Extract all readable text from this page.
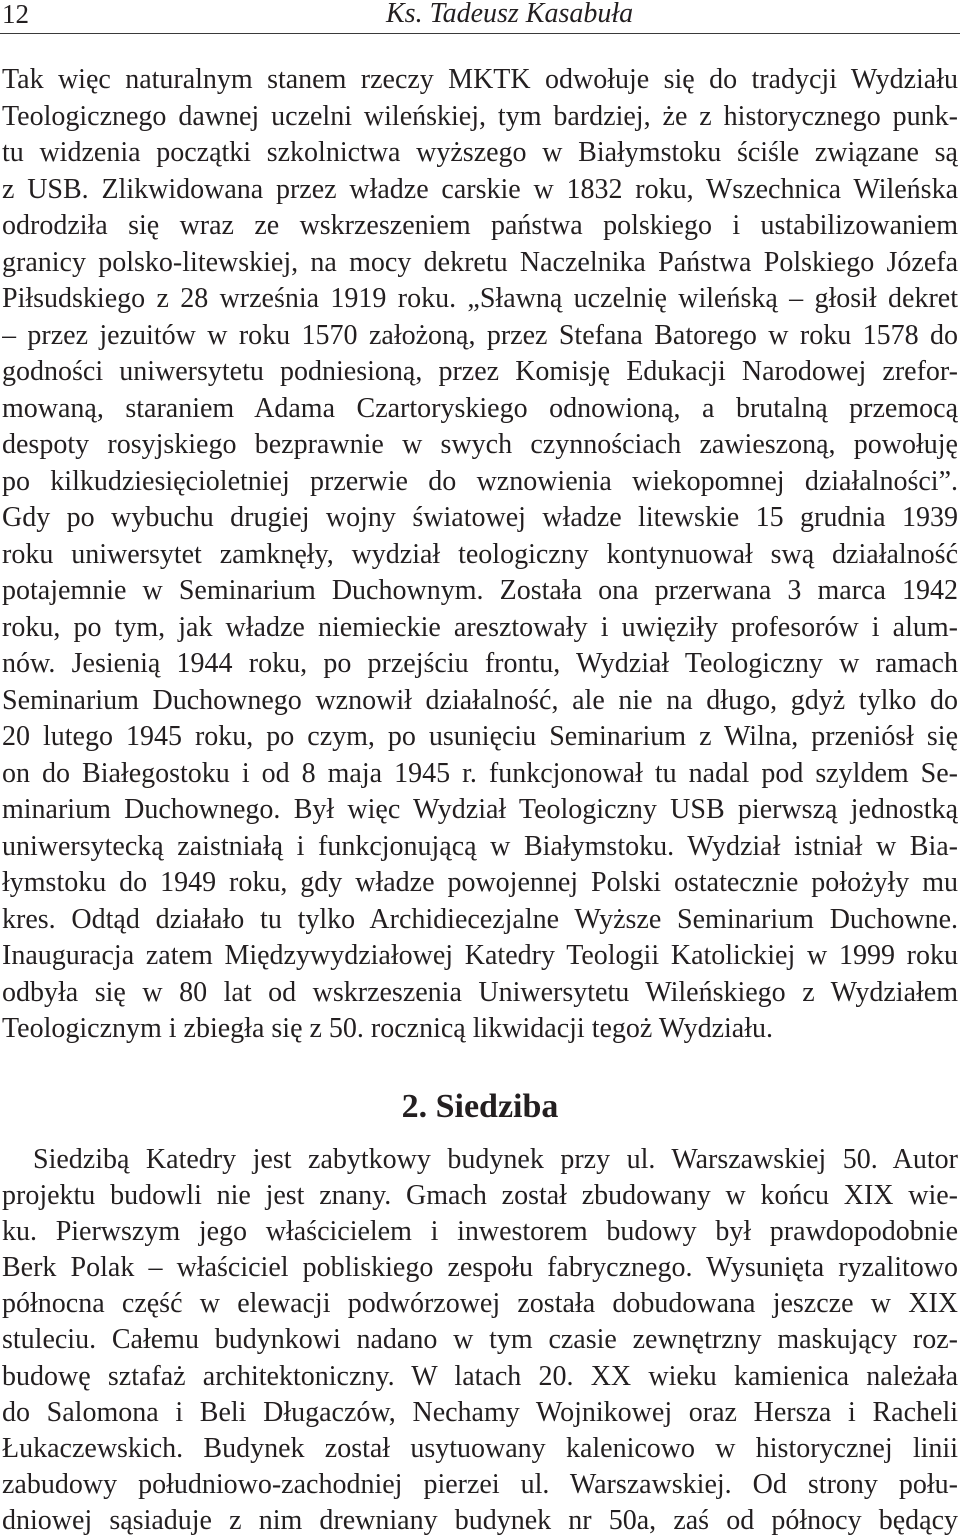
12	Ks. Tadeusz Kasabuła
Tak więc naturalnym stanem rzeczy MKTK odwołuje się do tradycji Wydziału
Teologicznego dawnej uczelni wileńskiej, tym bardziej, że z historycznego punk-
tu widzenia początki szkolnictwa wyższego w Białymstoku ściśle związane są
z USB. Zlikwidowana przez władze carskie w 1832 roku, Wszechnica Wileńska
odrodziła się wraz ze wskrzeszeniem państwa polskiego i ustabilizowaniem
granicy polsko-litewskiej, na mocy dekretu Naczelnika Państwa Polskiego Józefa
Piłsudskiego z 28 września 1919 roku. „Sławną uczelnię wileńską – głosił dekret
– przez jezuitów w roku 1570 założoną, przez Stefana Batorego w roku 1578 do
godności uniwersytetu podniesioną, przez Komisję Edukacji Narodowej zrefor-
mowaną, staraniem Adama Czartoryskiego odnowioną, a brutalną przemocą
despoty rosyjskiego bezprawnie w swych czynnościach zawieszoną, powołuję
po kilkudziesięcioletniej przerwie do wznowienia wiekopomnej działalności”.
Gdy po wybuchu drugiej wojny światowej władze litewskie 15 grudnia 1939
roku uniwersytet zamknęły, wydział teologiczny kontynuował swą działalność
potajemnie w Seminarium Duchownym. Została ona przerwana 3 marca 1942
roku, po tym, jak władze niemieckie aresztowały i uwięziły profesorów i alum-
nów. Jesienią 1944 roku, po przejściu frontu, Wydział Teologiczny w ramach
Seminarium Duchownego wznowił działalność, ale nie na długo, gdyż tylko do
20 lutego 1945 roku, po czym, po usunięciu Seminarium z Wilna, przeniósł się
on do Białegostoku i od 8 maja 1945 r. funkcjonował tu nadal pod szyldem Se-
minarium Duchownego. Był więc Wydział Teologiczny USB pierwszą jednostką
uniwersytecką zaistniałą i funkcjonującą w Białymstoku. Wydział istniał w Bia-
łymstoku do 1949 roku, gdy władze powojennej Polski ostatecznie położyły mu
kres. Odtąd działało tu tylko Archidiecezjalne Wyższe Seminarium Duchowne.
Inauguracja zatem Międzywydziałowej Katedry Teologii Katolickiej w 1999 roku
odbyła się w 80 lat od wskrzeszenia Uniwersytetu Wileńskiego z Wydziałem
Teologicznym i zbiegła się z 50. rocznicą likwidacji tegoż Wydziału.
2. Siedziba
Siedzibą Katedry jest zabytkowy budynek przy ul. Warszawskiej 50. Autor
projektu budowli nie jest znany. Gmach został zbudowany w końcu XIX wie-
ku. Pierwszym jego właścicielem i inwestorem budowy był prawdopodobnie
Berk Polak – właściciel pobliskiego zespołu fabrycznego. Wysunięta ryzalitowo
północna część w elewacji podwórzowej została dobudowana jeszcze w XIX
stuleciu. Całemu budynkowi nadano w tym czasie zewnętrzny maskujący roz-
budowę sztafaż architektoniczny. W latach 20. XX wieku kamienica należała
do Salomona i Beli Długaczów, Nechamy Wojnikowej oraz Hersza i Racheli
Łukaczewskich. Budynek został usytuowany kalenicowo w historycznej linii
zabudowy południowo-zachodniej pierzei ul. Warszawskiej. Od strony połu-
dniowej sąsiaduje z nim drewniany budynek nr 50a, zaś od północy będący
